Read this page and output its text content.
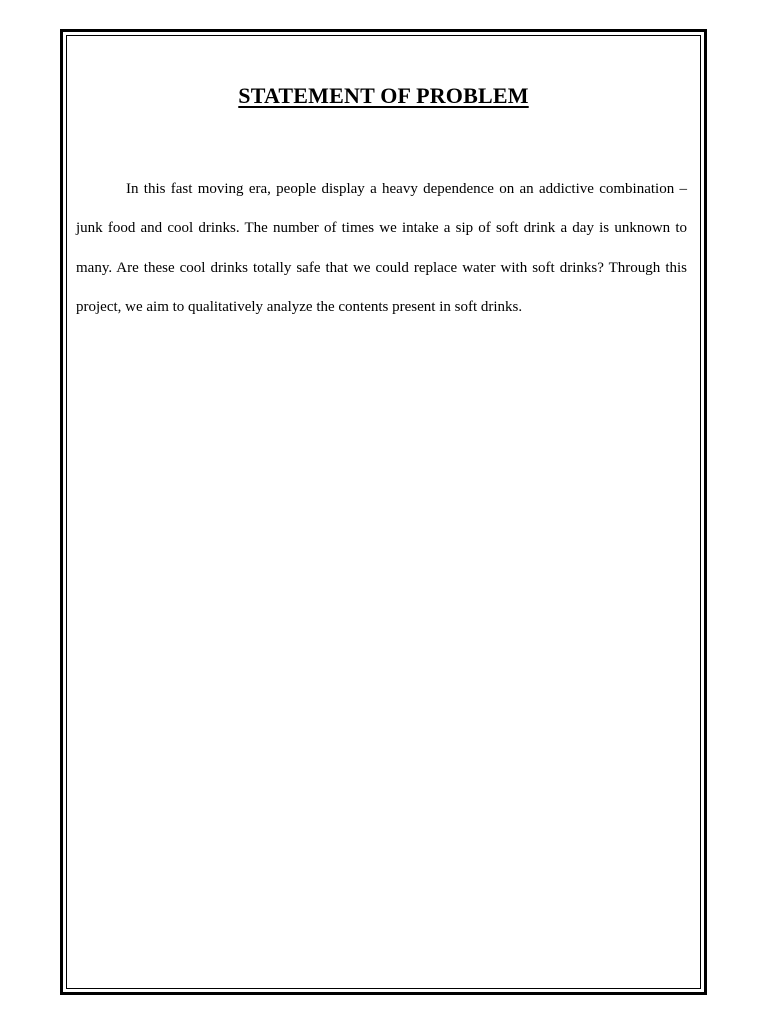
STATEMENT OF PROBLEM

In this fast moving era, people display a heavy dependence on an addictive combination – junk food and cool drinks. The number of times we intake a sip of soft drink a day is unknown to many. Are these cool drinks totally safe that we could replace water with soft drinks? Through this project, we aim to qualitatively analyze the contents present in soft drinks.
